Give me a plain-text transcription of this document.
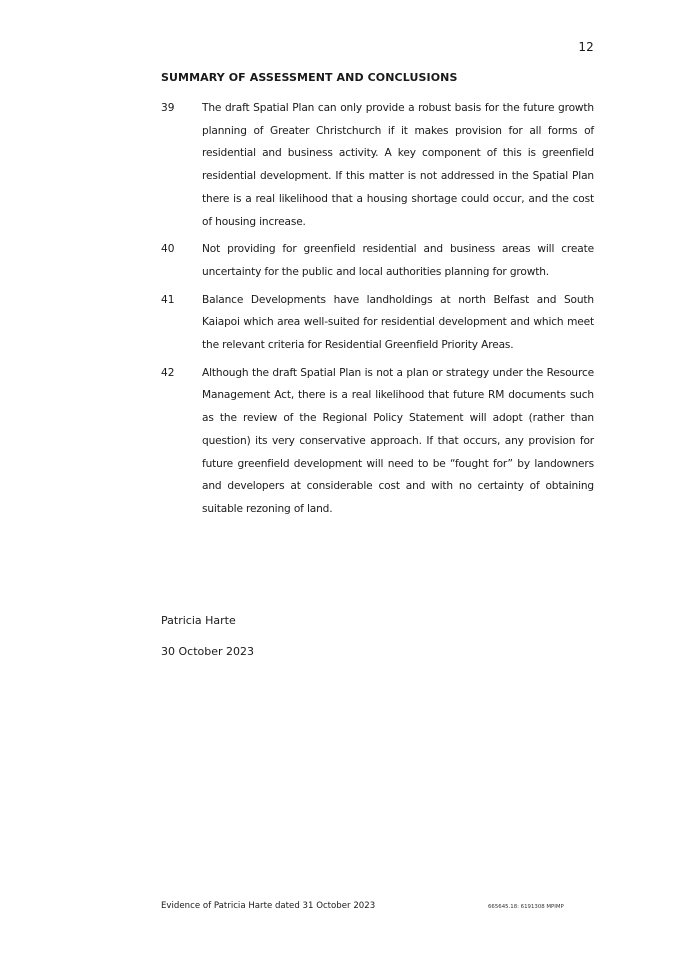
12
SUMMARY OF ASSESSMENT AND CONCLUSIONS
39	The draft Spatial Plan can only provide a robust basis for the future growth planning of Greater Christchurch if it makes provision for all forms of residential and business activity. A key component of this is greenfield residential development. If this matter is not addressed in the Spatial Plan there is a real likelihood that a housing shortage could occur, and the cost of housing increase.
40	Not providing for greenfield residential and business areas will create uncertainty for the public and local authorities planning for growth.
41	Balance Developments have landholdings at north Belfast and South Kaiapoi which area well-suited for residential development and which meet the relevant criteria for Residential Greenfield Priority Areas.
42	Although the draft Spatial Plan is not a plan or strategy under the Resource Management Act, there is a real likelihood that future RM documents such as the review of the Regional Policy Statement will adopt (rather than question) its very conservative approach. If that occurs, any provision for future greenfield development will need to be “fought for” by landowners and developers at considerable cost and with no certainty of obtaining suitable rezoning of land.
Patricia Harte
30 October 2023
Evidence of Patricia Harte dated 31 October 2023	665645.18: 6191308 MPIMP
